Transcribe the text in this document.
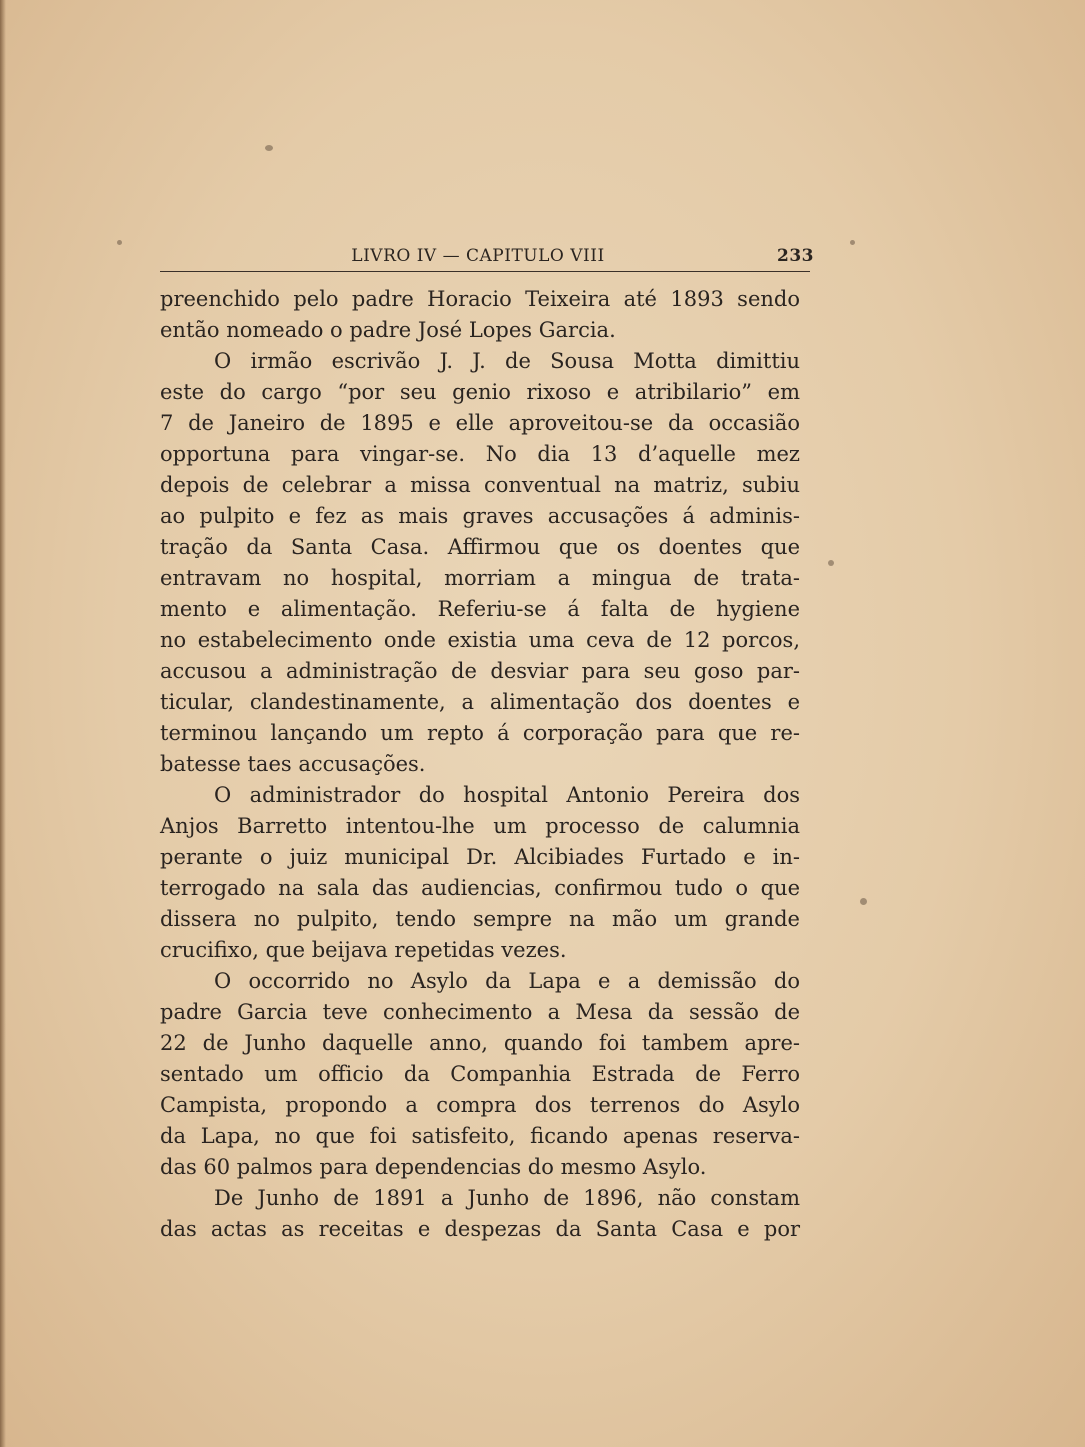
LIVRO IV — CAPITULO VIII	233
preenchido pelo padre Horacio Teixeira até 1893 sendo
então nomeado o padre José Lopes Garcia.
O irmão escrivão J. J. de Sousa Motta dimittiu
este do cargo “por seu genio rixoso e atribilario” em
7 de Janeiro de 1895 e elle aproveitou-se da occasião
opportuna para vingar-se. No dia 13 d’aquelle mez
depois de celebrar a missa conventual na matriz, subiu
ao pulpito e fez as mais graves accusações á adminis-
tração da Santa Casa. Affirmou que os doentes que
entravam no hospital, morriam a mingua de trata-
mento e alimentação. Referiu-se á falta de hygiene
no estabelecimento onde existia uma ceva de 12 porcos,
accusou a administração de desviar para seu goso par-
ticular, clandestinamente, a alimentação dos doentes e
terminou lançando um repto á corporação para que re-
batesse taes accusações.
O administrador do hospital Antonio Pereira dos
Anjos Barretto intentou-lhe um processo de calumnia
perante o juiz municipal Dr. Alcibiades Furtado e in-
terrogado na sala das audiencias, confirmou tudo o que
dissera no pulpito, tendo sempre na mão um grande
crucifixo, que beijava repetidas vezes.
O occorrido no Asylo da Lapa e a demissão do
padre Garcia teve conhecimento a Mesa da sessão de
22 de Junho daquelle anno, quando foi tambem apre-
sentado um officio da Companhia Estrada de Ferro
Campista, propondo a compra dos terrenos do Asylo
da Lapa, no que foi satisfeito, ficando apenas reserva-
das 60 palmos para dependencias do mesmo Asylo.
De Junho de 1891 a Junho de 1896, não constam
das actas as receitas e despezas da Santa Casa e por
